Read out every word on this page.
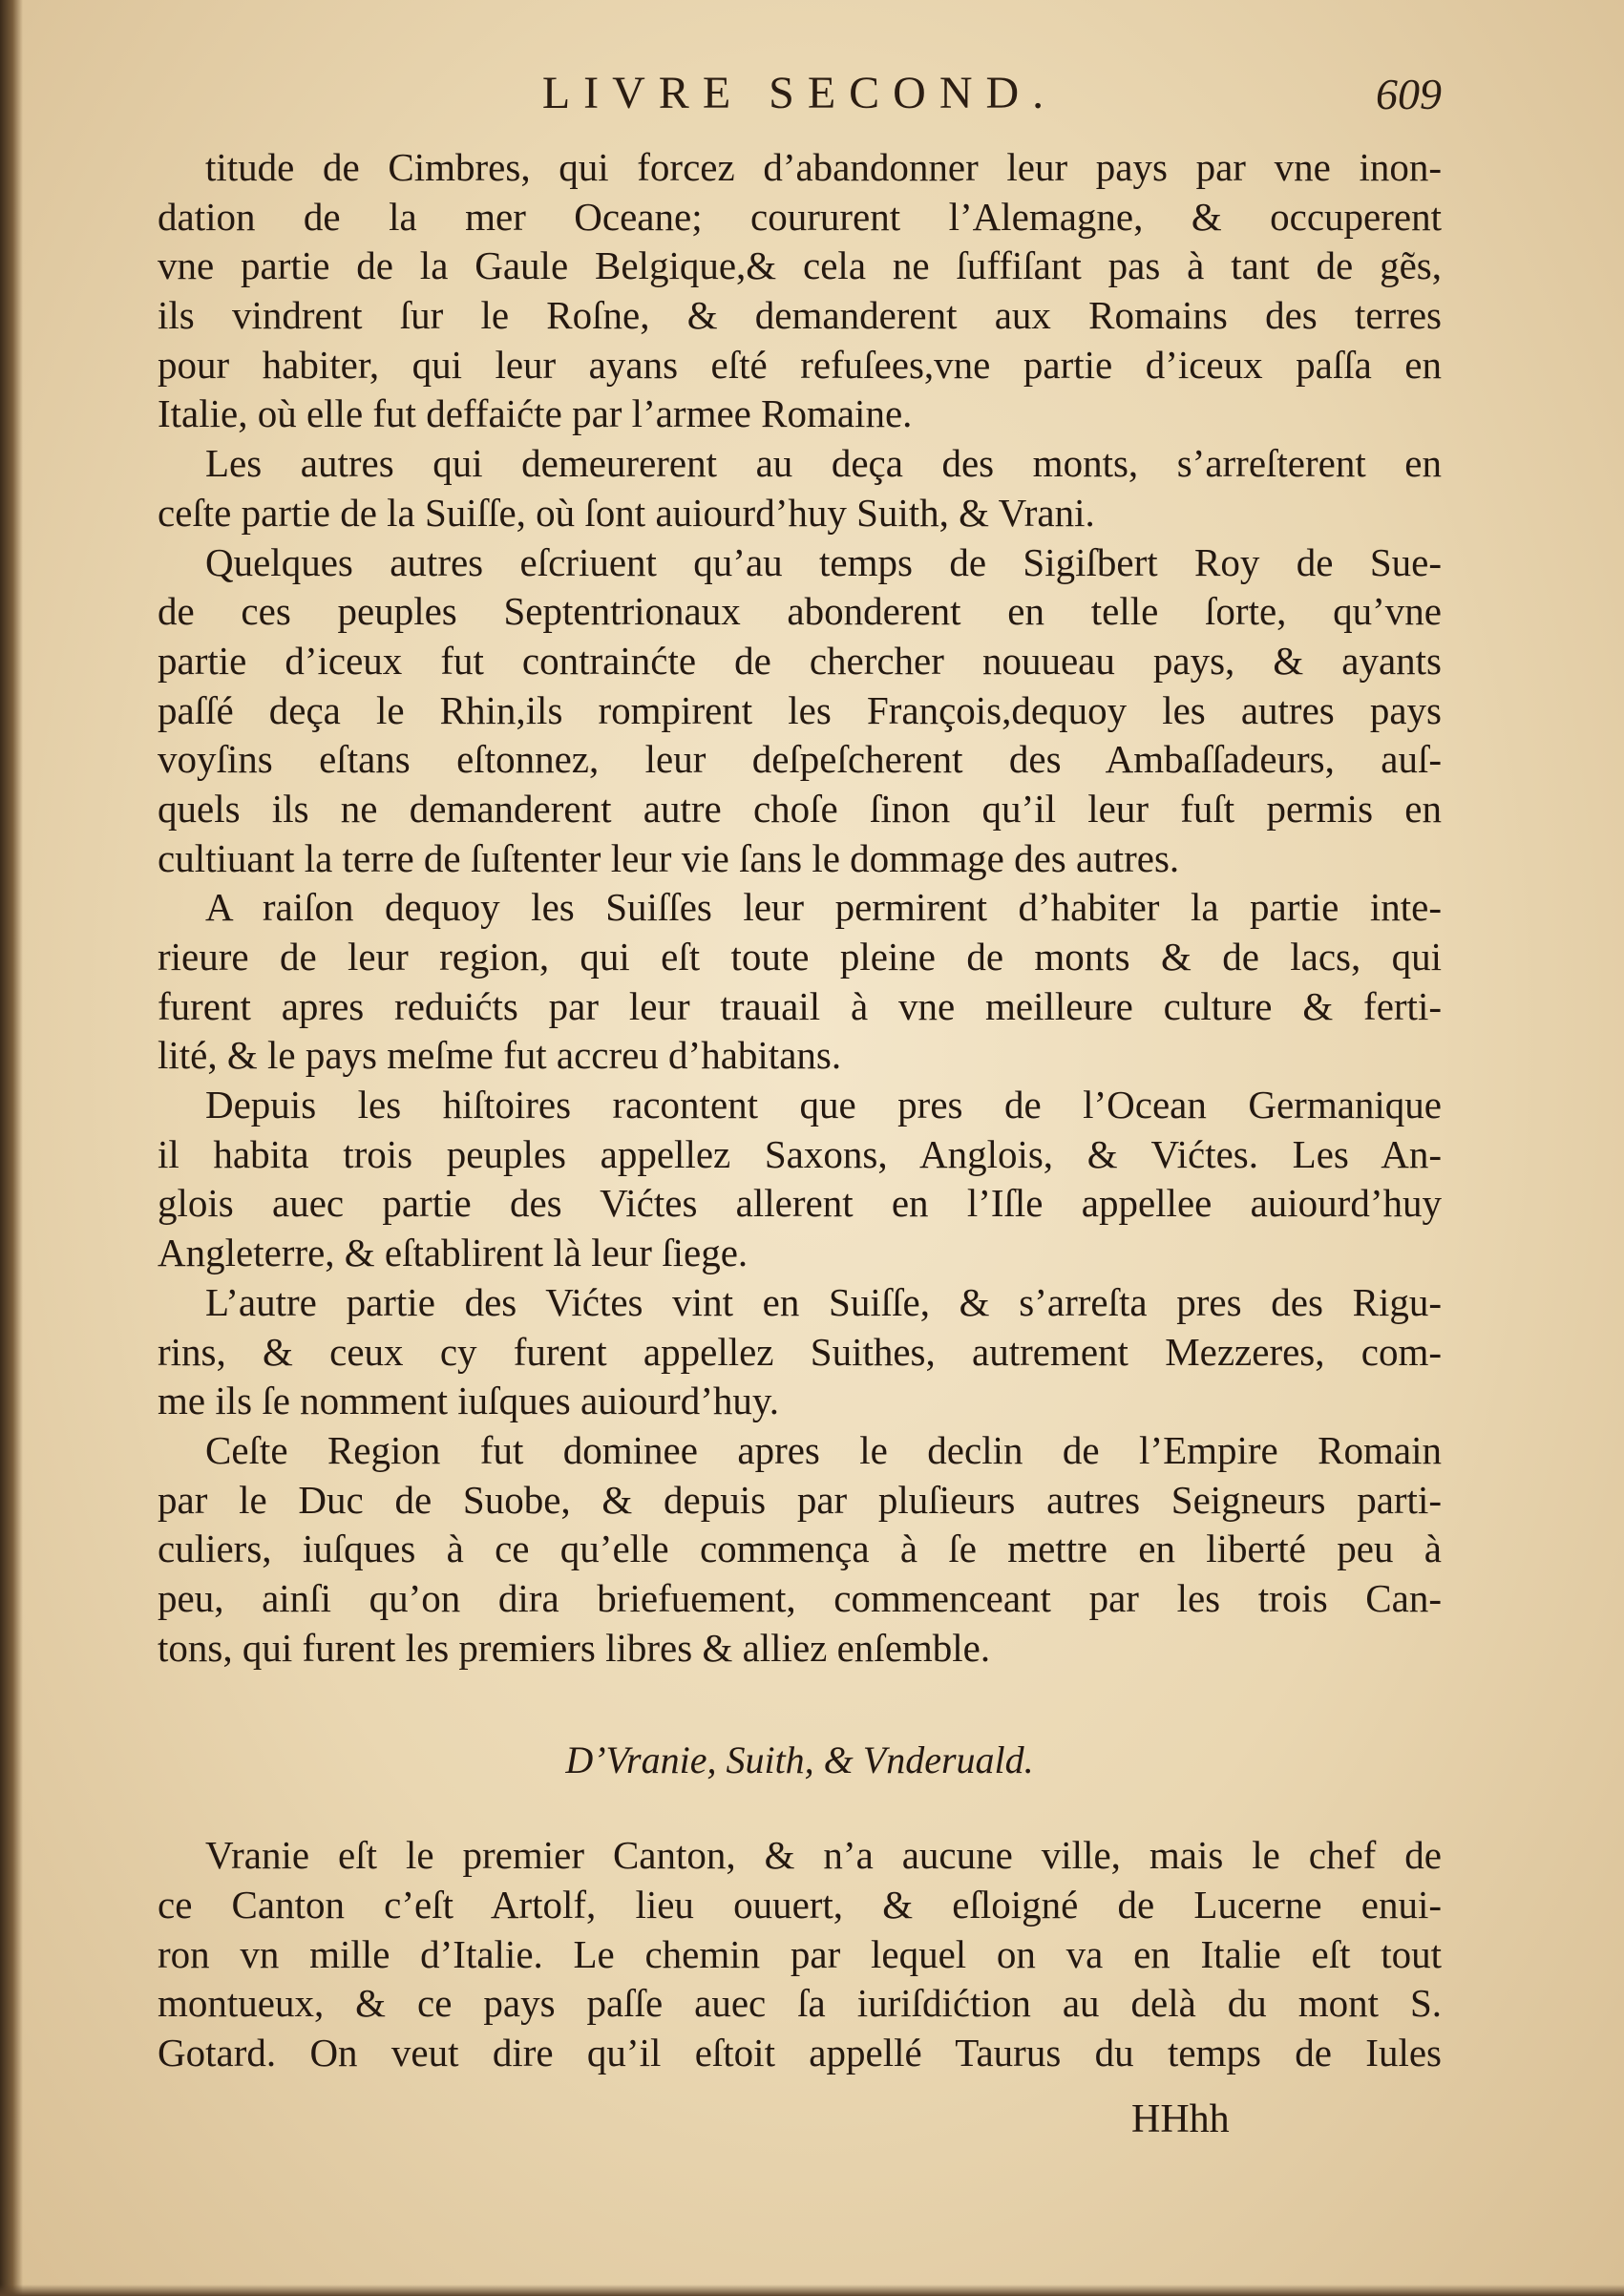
LIVRE SECOND.	609
titude de Cimbres, qui forcez d’abandonner leur pays par vne inon-
dation de la mer Oceane; coururent l’Alemagne, & occuperent
vne partie de la Gaule Belgique,& cela ne ſuffiſant pas à tant de gẽs,
ils vindrent ſur le Roſne, & demanderent aux Romains des terres
pour habiter, qui leur ayans eſté refuſees,vne partie d’iceux paſſa en
Italie, où elle fut deffaićte par l’armee Romaine.
Les autres qui demeurerent au deça des monts, s’arreſterent en
ceſte partie de la Suiſſe, où ſont auiourd’huy Suith, & Vrani.
Quelques autres eſcriuent qu’au temps de Sigiſbert Roy de Sue-
de ces peuples Septentrionaux abonderent en telle ſorte, qu’vne
partie d’iceux fut contrainćte de chercher nouueau pays, & ayants
paſſé deça le Rhin,ils rompirent les François,dequoy les autres pays
voyſins eſtans eſtonnez, leur deſpeſcherent des Ambaſſadeurs, auſ-
quels ils ne demanderent autre choſe ſinon qu’il leur fuſt permis en
cultiuant la terre de ſuſtenter leur vie ſans le dommage des autres.
A raiſon dequoy les Suiſſes leur permirent d’habiter la partie inte-
rieure de leur region, qui eſt toute pleine de monts & de lacs, qui
furent apres reduićts par leur trauail à vne meilleure culture & ferti-
lité, & le pays meſme fut accreu d’habitans.
Depuis les hiſtoires racontent que pres de l’Ocean Germanique
il habita trois peuples appellez Saxons, Anglois, & Vićtes. Les An-
glois auec partie des Vićtes allerent en l’Iſle appellee auiourd’huy
Angleterre, & eſtablirent là leur ſiege.
L’autre partie des Vićtes vint en Suiſſe, & s’arreſta pres des Rigu-
rins, & ceux cy furent appellez Suithes, autrement Mezzeres, com-
me ils ſe nomment iuſques auiourd’huy.
Ceſte Region fut dominee apres le declin de l’Empire Romain
par le Duc de Suobe, & depuis par pluſieurs autres Seigneurs parti-
culiers, iuſques à ce qu’elle commença à ſe mettre en liberté peu à
peu, ainſi qu’on dira briefuement, commenceant par les trois Can-
tons, qui furent les premiers libres & alliez enſemble.
D’Vranie, Suith, & Vnderuald.
Vranie eſt le premier Canton, & n’a aucune ville, mais le chef de
ce Canton c’eſt Artolf, lieu ouuert, & eſloigné de Lucerne enui-
ron vn mille d’Italie. Le chemin par lequel on va en Italie eſt tout
montueux, & ce pays paſſe auec ſa iuriſdićtion au delà du mont S.
Gotard. On veut dire qu’il eſtoit appellé Taurus du temps de Iules
HHhh
